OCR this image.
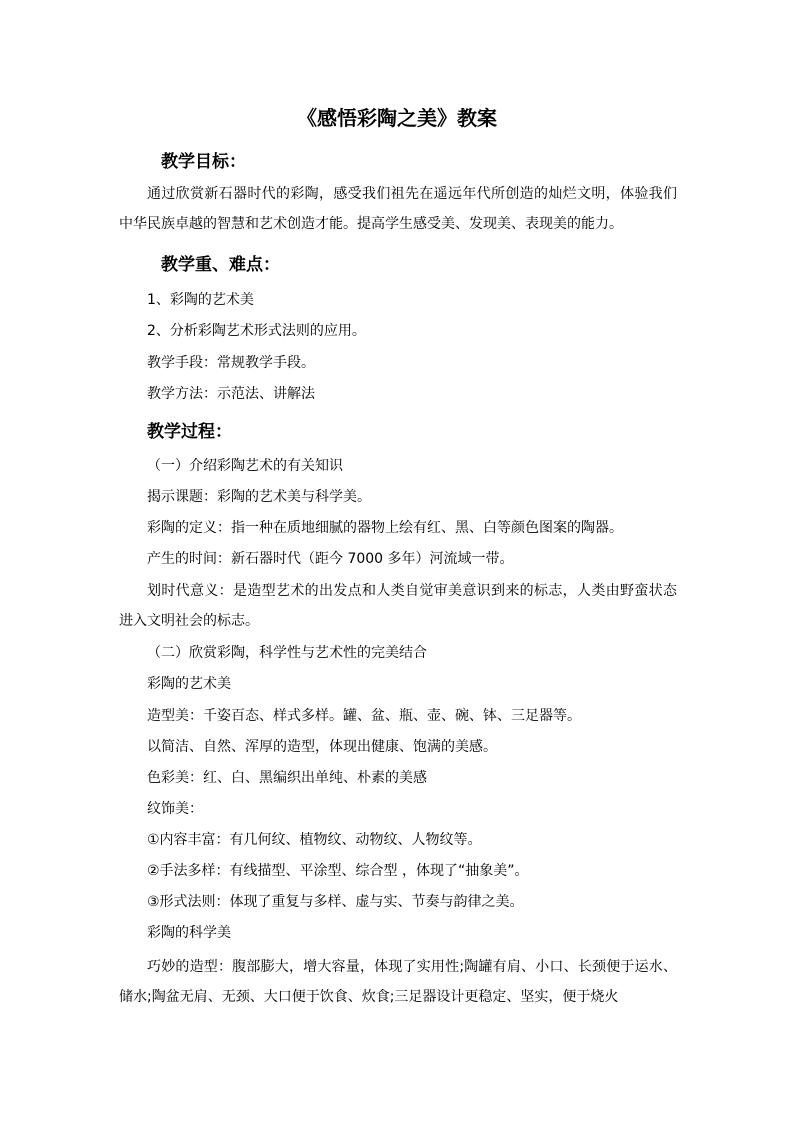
《感悟彩陶之美》教案
教学目标：
通过欣赏新石器时代的彩陶，感受我们祖先在遥远年代所创造的灿烂文明，体验我们中华民族卓越的智慧和艺术创造才能。提高学生感受美、发现美、表现美的能力。
教学重、难点：
1、彩陶的艺术美
2、分析彩陶艺术形式法则的应用。
教学手段：常规教学手段。
教学方法：示范法、讲解法
教学过程：
（一）介绍彩陶艺术的有关知识
揭示课题：彩陶的艺术美与科学美。
彩陶的定义：指一种在质地细腻的器物上绘有红、黑、白等颜色图案的陶器。
产生的时间：新石器时代（距今 7000 多年）河流域一带。
划时代意义：是造型艺术的出发点和人类自觉审美意识到来的标志，人类由野蛮状态进入文明社会的标志。
（二）欣赏彩陶，科学性与艺术性的完美结合
彩陶的艺术美
造型美：千姿百态、样式多样。罐、盆、瓶、壶、碗、钵、三足器等。
以简洁、自然、浑厚的造型，体现出健康、饱满的美感。
色彩美：红、白、黑编织出单纯、朴素的美感
纹饰美：
①内容丰富：有几何纹、植物纹、动物纹、人物纹等。
②手法多样：有线描型、平涂型、综合型 ，体现了“抽象美”。
③形式法则：体现了重复与多样、虚与实、节奏与韵律之美。
彩陶的科学美
巧妙的造型：腹部膨大，增大容量，体现了实用性;陶罐有肩、小口、长颈便于运水、储水;陶盆无肩、无颈、大口便于饮食、炊食;三足器设计更稳定、坚实，便于烧火
